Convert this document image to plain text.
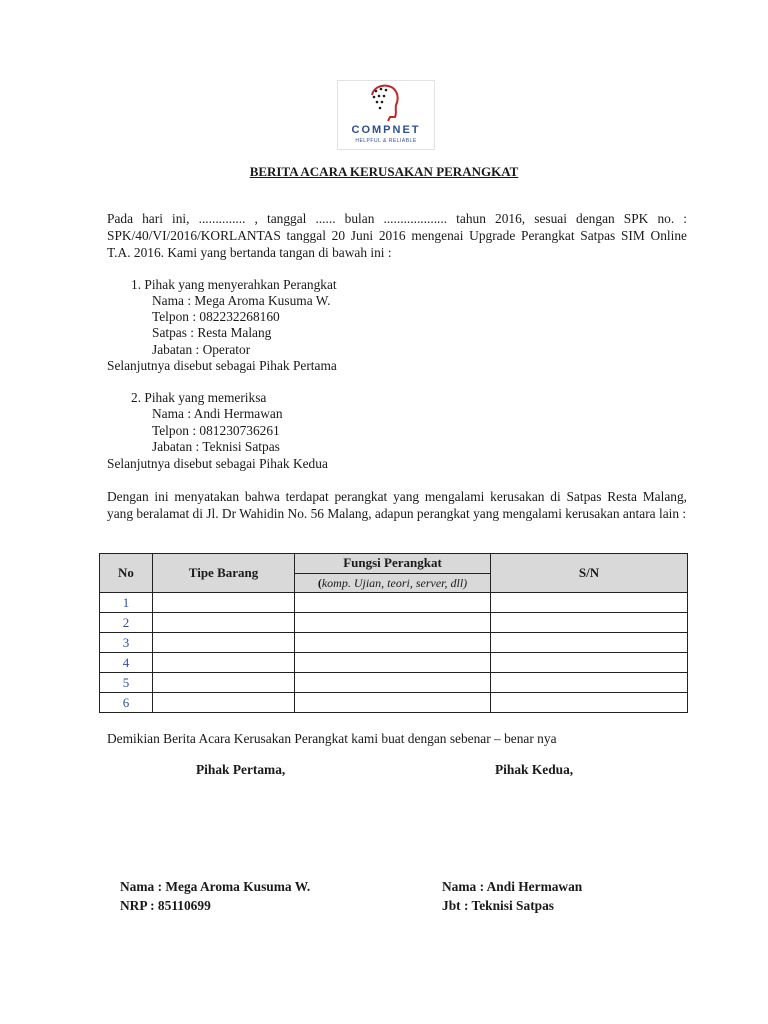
COMPNET
HELPFUL & RELIABLE
BERITA ACARA KERUSAKAN PERANGKAT
Pada hari ini, .............. , tanggal ...... bulan ................... tahun 2016, sesuai dengan SPK no. : SPK/40/VI/2016/KORLANTAS tanggal 20 Juni 2016 mengenai Upgrade Perangkat Satpas SIM Online T.A. 2016. Kami yang bertanda tangan di bawah ini :
1. Pihak yang menyerahkan Perangkat
Nama : Mega Aroma Kusuma W.
Telpon : 082232268160
Satpas : Resta Malang
Jabatan : Operator
Selanjutnya disebut sebagai Pihak Pertama
2. Pihak yang memeriksa
Nama : Andi Hermawan
Telpon : 081230736261
Jabatan : Teknisi Satpas
Selanjutnya disebut sebagai Pihak Kedua
Dengan ini menyatakan bahwa terdapat perangkat yang mengalami kerusakan di Satpas Resta Malang, yang beralamat di Jl. Dr Wahidin No. 56 Malang, adapun perangkat yang mengalami kerusakan antara lain :
No	Tipe Barang	Fungsi Perangkat	S/N
		(komp. Ujian, teori, server, dll)	
1			
2			
3			
4			
5			
6			
Demikian Berita Acara Kerusakan Perangkat kami buat dengan sebenar – benar nya
Pihak Pertama,	Pihak Kedua,
Nama : Mega Aroma Kusuma W.
NRP : 85110699
Nama : Andi Hermawan
Jbt : Teknisi Satpas
